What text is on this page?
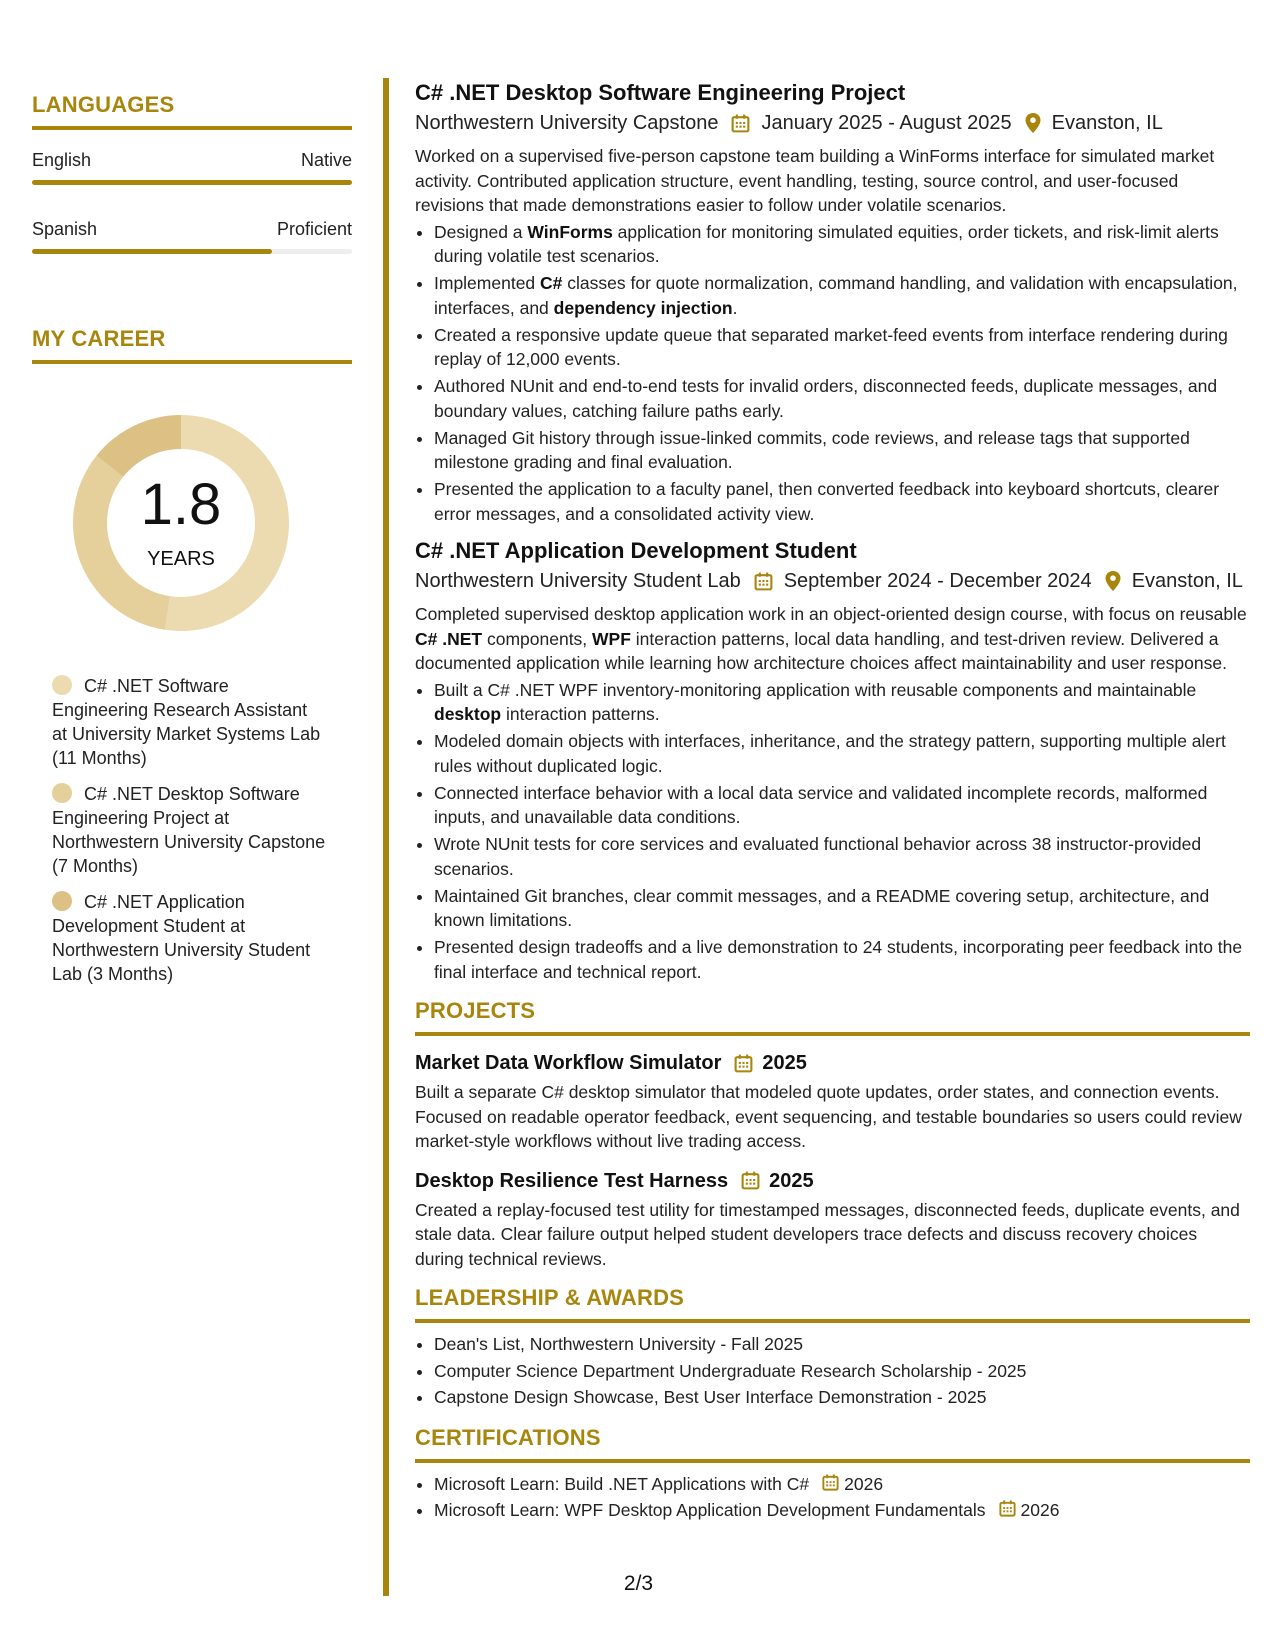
LANGUAGES
English	Native
Spanish	Proficient
MY CAREER
1.8
YEARS
C# .NET Software Engineering Research Assistant at University Market Systems Lab (11 Months)
C# .NET Desktop Software Engineering Project at Northwestern University Capstone (7 Months)
C# .NET Application Development Student at Northwestern University Student Lab (3 Months)
C# .NET Desktop Software Engineering Project
Northwestern University Capstone January 2025 - August 2025 Evanston, IL
Worked on a supervised five-person capstone team building a WinForms interface for simulated market activity. Contributed application structure, event handling, testing, source control, and user-focused revisions that made demonstrations easier to follow under volatile scenarios.
• Designed a WinForms application for monitoring simulated equities, order tickets, and risk-limit alerts during volatile test scenarios.
• Implemented C# classes for quote normalization, command handling, and validation with encapsulation, interfaces, and dependency injection.
• Created a responsive update queue that separated market-feed events from interface rendering during replay of 12,000 events.
• Authored NUnit and end-to-end tests for invalid orders, disconnected feeds, duplicate messages, and boundary values, catching failure paths early.
• Managed Git history through issue-linked commits, code reviews, and release tags that supported milestone grading and final evaluation.
• Presented the application to a faculty panel, then converted feedback into keyboard shortcuts, clearer error messages, and a consolidated activity view.
C# .NET Application Development Student
Northwestern University Student Lab September 2024 - December 2024 Evanston, IL
Completed supervised desktop application work in an object-oriented design course, with focus on reusable C# .NET components, WPF interaction patterns, local data handling, and test-driven review. Delivered a documented application while learning how architecture choices affect maintainability and user response.
• Built a C# .NET WPF inventory-monitoring application with reusable components and maintainable desktop interaction patterns.
• Modeled domain objects with interfaces, inheritance, and the strategy pattern, supporting multiple alert rules without duplicated logic.
• Connected interface behavior with a local data service and validated incomplete records, malformed inputs, and unavailable data conditions.
• Wrote NUnit tests for core services and evaluated functional behavior across 38 instructor-provided scenarios.
• Maintained Git branches, clear commit messages, and a README covering setup, architecture, and known limitations.
• Presented design tradeoffs and a live demonstration to 24 students, incorporating peer feedback into the final interface and technical report.
PROJECTS
Market Data Workflow Simulator 2025
Built a separate C# desktop simulator that modeled quote updates, order states, and connection events. Focused on readable operator feedback, event sequencing, and testable boundaries so users could review market-style workflows without live trading access.
Desktop Resilience Test Harness 2025
Created a replay-focused test utility for timestamped messages, disconnected feeds, duplicate events, and stale data. Clear failure output helped student developers trace defects and discuss recovery choices during technical reviews.
LEADERSHIP & AWARDS
• Dean's List, Northwestern University - Fall 2025
• Computer Science Department Undergraduate Research Scholarship - 2025
• Capstone Design Showcase, Best User Interface Demonstration - 2025
CERTIFICATIONS
• Microsoft Learn: Build .NET Applications with C# 2026
• Microsoft Learn: WPF Desktop Application Development Fundamentals 2026
2/3
